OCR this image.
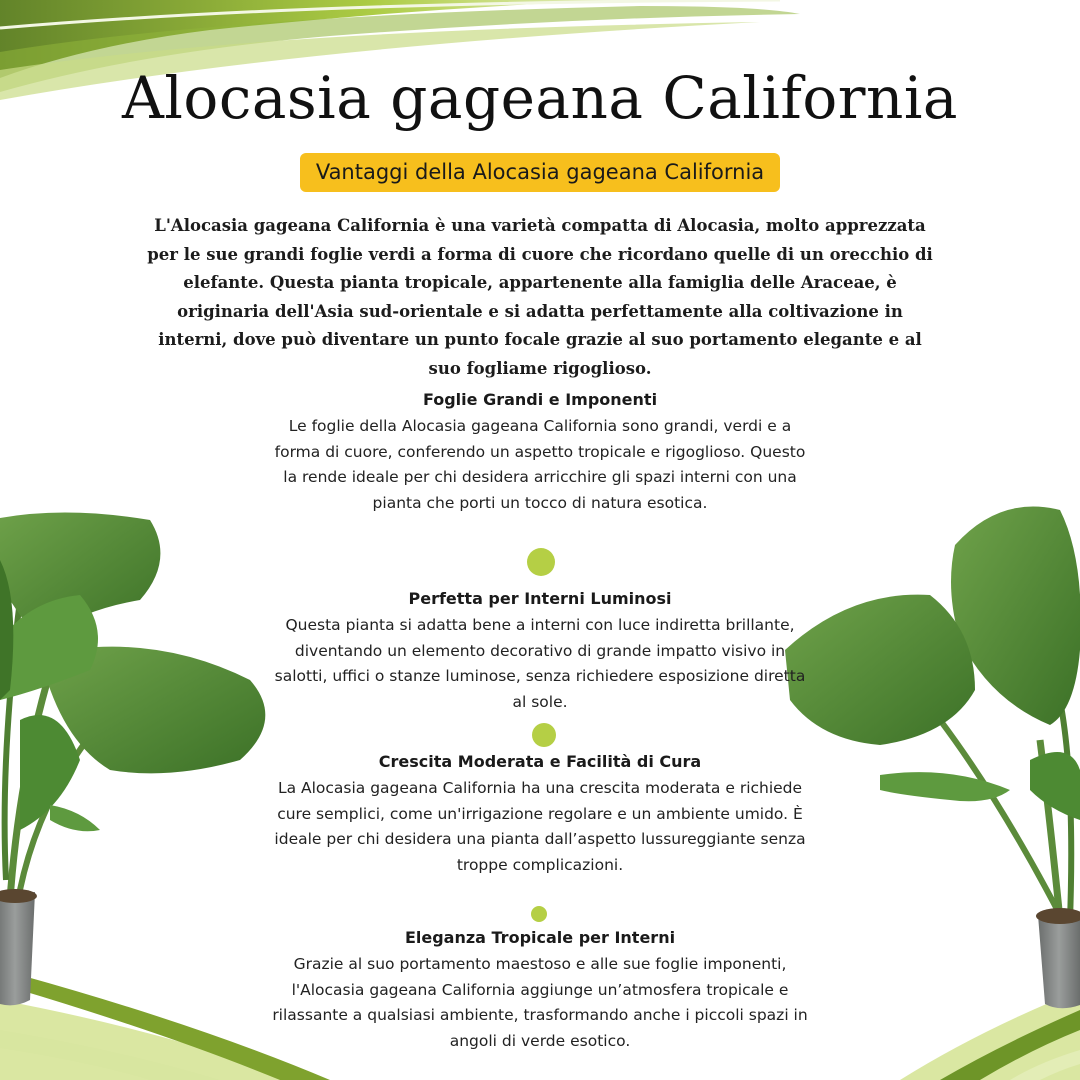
Alocasia gageana California
Vantaggi della Alocasia gageana California

L'Alocasia gageana California è una varietà compatta di Alocasia, molto apprezzata per le sue grandi foglie verdi a forma di cuore che ricordano quelle di un orecchio di elefante. Questa pianta tropicale, appartenente alla famiglia delle Araceae, è originaria dell'Asia sud-orientale e si adatta perfettamente alla coltivazione in interni, dove può diventare un punto focale grazie al suo portamento elegante e al suo fogliame rigoglioso.

Foglie Grandi e Imponenti

Le foglie della Alocasia gageana California sono grandi, verdi e a forma di cuore, conferendo un aspetto tropicale e rigoglioso. Questo la rende ideale per chi desidera arricchire gli spazi interni con una pianta che porti un tocco di natura esotica.

Perfetta per Interni Luminosi

Questa pianta si adatta bene a interni con luce indiretta brillante, diventando un elemento decorativo di grande impatto visivo in salotti, uffici o stanze luminose, senza richiedere esposizione diretta al sole.

Crescita Moderata e Facilità di Cura

La Alocasia gageana California ha una crescita moderata e richiede cure semplici, come un'irrigazione regolare e un ambiente umido. È ideale per chi desidera una pianta dall’aspetto lussureggiante senza troppe complicazioni.

Eleganza Tropicale per Interni

Grazie al suo portamento maestoso e alle sue foglie imponenti, l'Alocasia gageana California aggiunge un’atmosfera tropicale e rilassante a qualsiasi ambiente, trasformando anche i piccoli spazi in angoli di verde esotico.
